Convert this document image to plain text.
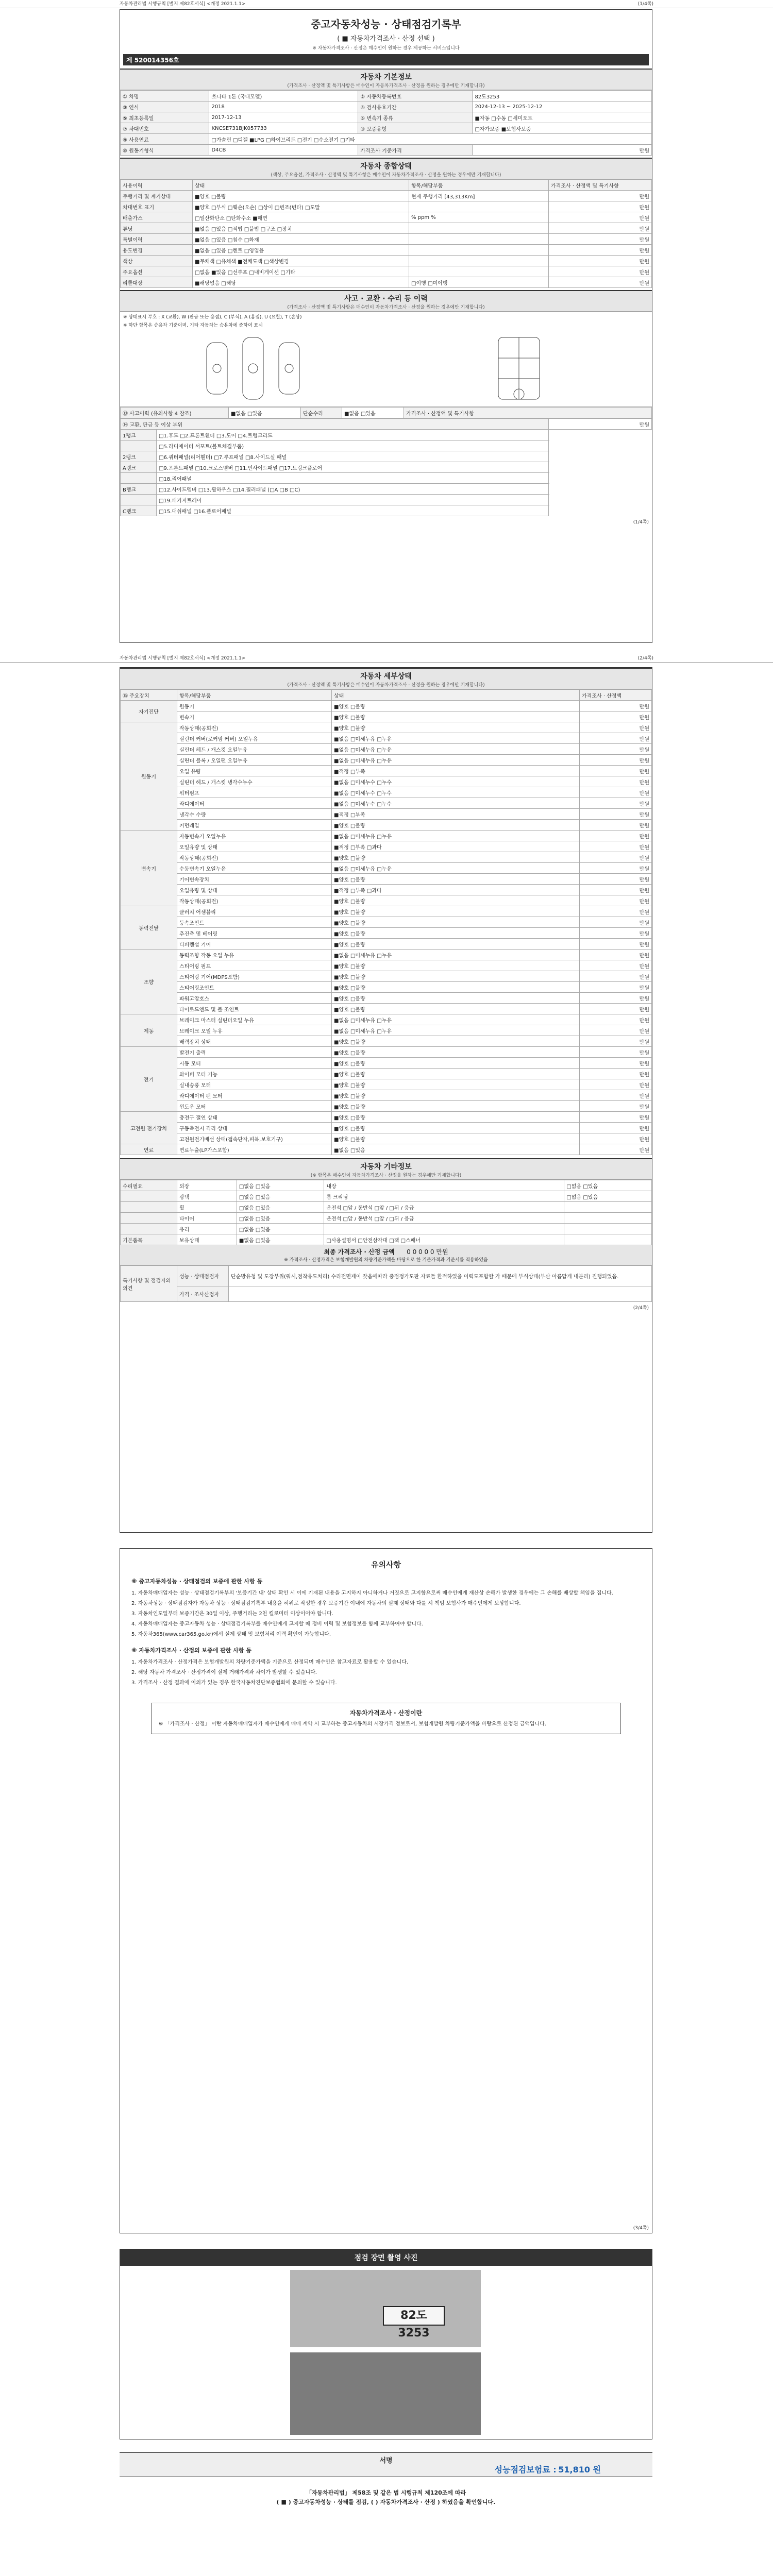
자동차관리법 시행규칙 [별지 제82호서식] <개정 2021.1.1>	(1/4쪽)
중고자동차성능 · 상태점검기록부
( ■ 자동차가격조사 · 산정 선택 )
※ 자동차가격조사 · 산정은 매수인이 원하는 경우 제공하는 서비스입니다
제 520014356호
자동차 기본정보
(가격조사 · 산정액 및 특기사항은 매수인이 자동차가격조사 · 산정을 원하는 경우에만 기재합니다)
① 차명	쏘나타 1톤 (국내모델)	② 자동차등록번호	82도3253
③ 연식	2018	④ 검사유효기간	2024-12-13 ~ 2025-12-12
⑤ 최초등록일	2017-12-13	⑥ 변속기 종류	■자동 □수동 □세미오토
⑦ 차대번호	KNCSE731BJK057733	⑧ 보증유형	□자가보증 ■보험사보증
⑨ 사용연료	□가솔린 □디젤 ■LPG □하이브리드 □전기 □수소전기 □기타		
⑩ 원동기형식	D4CB	가격조사 기준가격	만원
자동차 종합상태
(색상, 주요옵션, 가격조사 · 산정액 및 특기사항은 매수인이 자동차가격조사 · 산정을 원하는 경우에만 기재합니다)
사용이력	상태	항목/해당부품	가격조사 · 산정액 및 특기사항
주행거리 및 계기상태	■양호 □불량	현재 주행거리 [43,313Km]	만원
차대번호 표기	■양호 □부식 □훼손(오손) □상이 □변조(변타) □도말		만원
배출가스	□일산화탄소 □탄화수소 ■매연	% ppm %	만원
튜닝	■없음 □있음 □적법 □불법 □구조 □장치		만원
특별이력	■없음 □있음 □침수 □화재		만원
용도변경	■없음 □있음 □렌트 □영업용		만원
색상	■무채색 □유채색 ■전체도색 □색상변경		만원
주요옵션	□없음 ■있음 □선루프 □내비게이션 □기타		만원
리콜대상	■해당없음 □해당	□이행 □미이행	만원
사고 · 교환 · 수리 등 이력
(가격조사 · 산정액 및 특기사항은 매수인이 자동차가격조사 · 산정을 원하는 경우에만 기재합니다)
※ 상태표시 부호 : X (교환), W (판금 또는 용접), C (부식), A (흠집), U (요철), T (손상)
※ 하단 항목은 승용차 기준이며, 기타 자동차는 승용차에 준하여 표시
⑬ 사고이력 (유의사항 4 참조)	■없음 □있음	단순수리	■없음 □있음	가격조사 · 산정액 및 특기사항
⑭ 교환, 판금 등 이상 부위		만원
1랭크	□1.후드 □2.프론트휀더 □3.도어 □4.트렁크리드	
	□5.라디에이터 서포트(볼트체결부품)	
2랭크	□6.쿼터패널(리어휀더) □7.루프패널 □8.사이드실 패널	
A랭크	□9.프론트패널 □10.크로스멤버 □11.인사이드패널 □17.트렁크플로어	
	□18.리어패널	
B랭크	□12.사이드멤버 □13.휠하우스 □14.필러패널 (□A □B □C)	
	□19.패키지트레이	
C랭크	□15.대쉬패널 □16.플로어패널	
(1/4쪽)
자동차관리법 시행규칙 [별지 제82호서식] <개정 2021.1.1>	(2/4쪽)
자동차 세부상태
(가격조사 · 산정액 및 특기사항은 매수인이 자동차가격조사 · 산정을 원하는 경우에만 기재합니다)
⑮ 주요장치	항목/해당부품	상태	가격조사 · 산정액
자기진단	원동기	■양호 □불량	만원
	변속기	■양호 □불량	만원
원동기	작동상태(공회전)	■양호 □불량	만원
	실린더 커버(로커암 커버) 오일누유	■없음 □미세누유 □누유	만원
	실린더 헤드 / 개스킷 오일누유	■없음 □미세누유 □누유	만원
	실린더 블록 / 오일팬 오일누유	■없음 □미세누유 □누유	만원
	오일 유량	■적정 □부족	만원
	실린더 헤드 / 개스킷 냉각수누수	■없음 □미세누수 □누수	만원
	워터펌프	■없음 □미세누수 □누수	만원
	라디에이터	■없음 □미세누수 □누수	만원
	냉각수 수량	■적정 □부족	만원
	커먼레일	■양호 □불량	만원
변속기	자동변속기 오일누유	■없음 □미세누유 □누유	만원
	오일유량 및 상태	■적정 □부족 □과다	만원
	작동상태(공회전)	■양호 □불량	만원
	수동변속기 오일누유	■없음 □미세누유 □누유	만원
	기어변속장치	■양호 □불량	만원
	오일유량 및 상태	■적정 □부족 □과다	만원
	작동상태(공회전)	■양호 □불량	만원
동력전달	클러치 어셈블리	■양호 □불량	만원
	등속조인트	■양호 □불량	만원
	추진축 및 베어링	■양호 □불량	만원
	디퍼렌셜 기어	■양호 □불량	만원
조향	동력조향 작동 오일 누유	■없음 □미세누유 □누유	만원
	스티어링 펌프	■양호 □불량	만원
	스티어링 기어(MDPS포함)	■양호 □불량	만원
	스티어링조인트	■양호 □불량	만원
	파워고압호스	■양호 □불량	만원
	타이로드엔드 및 볼 조인트	■양호 □불량	만원
제동	브레이크 마스터 실린더오일 누유	■없음 □미세누유 □누유	만원
	브레이크 오일 누유	■없음 □미세누유 □누유	만원
	배력장치 상태	■양호 □불량	만원
전기	발전기 출력	■양호 □불량	만원
	시동 모터	■양호 □불량	만원
	와이퍼 모터 기능	■양호 □불량	만원
	실내송풍 모터	■양호 □불량	만원
	라디에이터 팬 모터	■양호 □불량	만원
	윈도우 모터	■양호 □불량	만원
고전원 전기장치	충전구 절연 상태	■양호 □불량	만원
	구동축전지 격리 상태	■양호 □불량	만원
	고전원전기배선 상태(접속단자,피복,보호기구)	■양호 □불량	만원
연료	연료누출(LP가스포함)	■없음 □있음	만원
자동차 기타정보
(※ 항목은 매수인이 자동차가격조사 · 산정을 원하는 경우에만 기재합니다)
수리필요	외장	□없음 □있음	내장	□없음 □있음
	광택	□없음 □있음	룸 크리닝	□없음 □있음
	휠	□없음 □있음	운전석 □앞 / 동반석 □앞 / □뒤 / 응급	
	타이어	□없음 □있음	운전석 □앞 / 동반석 □앞 / □뒤 / 응급	
	유리	□없음 □있음		
기본품목	보유상태	■없음 □있음	□사용설명서 □안전삼각대 □잭 □스패너	
최종 가격조사 · 산정 금액 0 0 0 0 0 만원
※ 가격조사 · 산정가격은 보험개발원의 차량기준가액을 바탕으로 한 기준가격과 기준서를 적용하였음
특기사항 및 점검자의 의견	성능 · 상태점검자	단순방유청 및 도장부위(워시,점착유도처리) 수리전면제이 잦음에따라 중점정가도판 자료들 환적하였을 이력도포함할 가 때문에 부식상태(부산 아름답게 내분리) 진행되었음.
	가격 · 조사산정자	
(2/4쪽)
유의사항
※ 중고자동차성능 · 상태점검의 보증에 관한 사항 등

1. 자동차매매업자는 성능 · 상태점검기록부의 '보증기간 내' 상태 확인 시 이에 기재된 내용을 고지하지 아니하거나 거짓으로 고지함으로써 매수인에게 재산상 손해가 발생한 경우에는 그 손해를 배상할 책임을 집니다.

2. 자동차성능 · 상태점검자가 자동차 성능 · 상태점검기록부 내용을 허위로 작성한 경우 보증기간 이내에 자동차의 실제 상태와 다를 시 책임 보험사가 매수인에게 보상합니다.

3. 자동차인도일부터 보증기간은 30일 이상, 주행거리는 2천 킬로미터 이상이어야 합니다.

4. 자동차매매업자는 중고자동차 성능 · 상태점검기록부를 매수인에게 고지할 때 정비 이력 및 보험정보를 함께 교부하여야 합니다.

5. 자동차365(www.car365.go.kr)에서 실제 상태 및 보험처리 이력 확인이 가능합니다.

※ 자동차가격조사 · 산정의 보증에 관한 사항 등

1. 자동차가격조사 · 산정가격은 보험개발원의 차량기준가액을 기준으로 산정되며 매수인은 참고자료로 활용할 수 있습니다.

2. 해당 자동차 가격조사 · 산정가격이 실제 거래가격과 차이가 발생할 수 있습니다.

3. 가격조사 · 산정 결과에 이의가 있는 경우 한국자동차진단보증협회에 문의할 수 있습니다.

자동차가격조사 · 산정이란
※ 「가격조사 · 산정」 이란 자동차매매업자가 매수인에게 매매 계약 시 교부하는 중고자동차의 시장가격 정보로서, 보험개발원 차량기준가액을 바탕으로 산정된 금액입니다.
(3/4쪽)
점검 장면 촬영 사진
82도 3253
서명
성능점검보험료 : 51,810 원
「자동차관리법」 제58조 및 같은 법 시행규칙 제120조에 따라
( ■ ) 중고자동차성능 · 상태를 점검, ( ) 자동차가격조사 · 산정 ) 하였음을 확인합니다.
